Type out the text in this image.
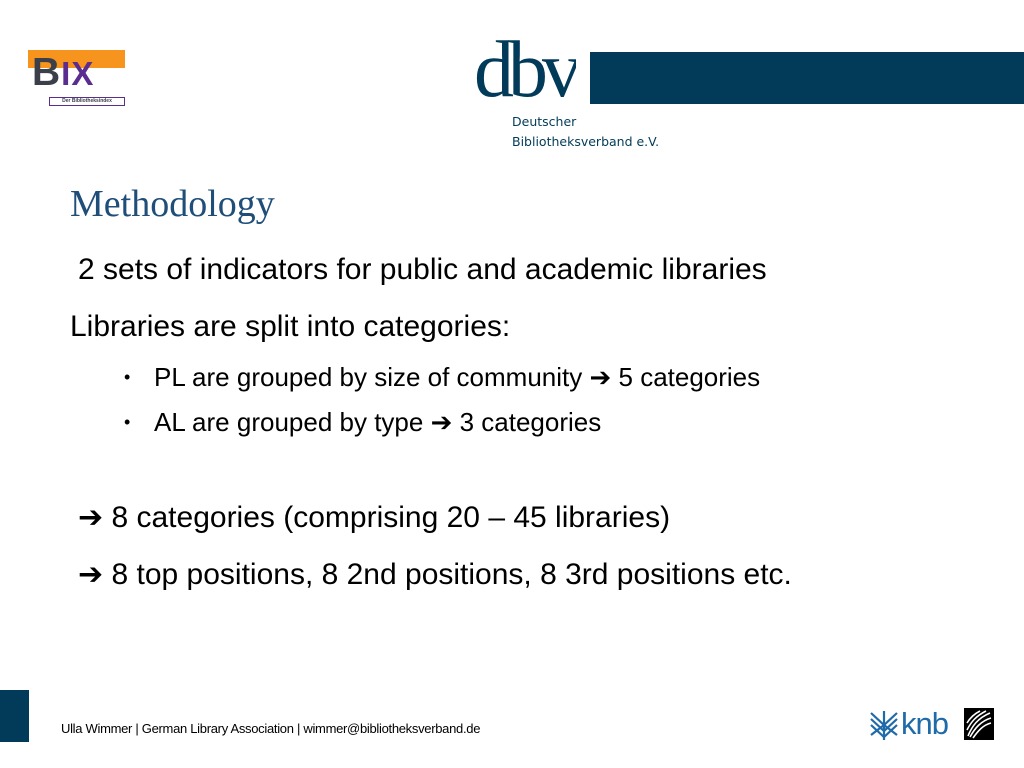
BIX
Der Bibliotheksindex	dbv
Deutscher
Bibliotheksverband e.V.
Methodology
2 sets of indicators for public and academic libraries
Libraries are split into categories:
• PL are grouped by size of community ➔ 5 categories
• AL are grouped by type ➔ 3 categories
➔ 8 categories (comprising 20 – 45 libraries)
➔ 8 top positions, 8 2nd positions, 8 3rd positions etc.
Ulla Wimmer | German Library Association | wimmer@bibliotheksverband.de	knb
